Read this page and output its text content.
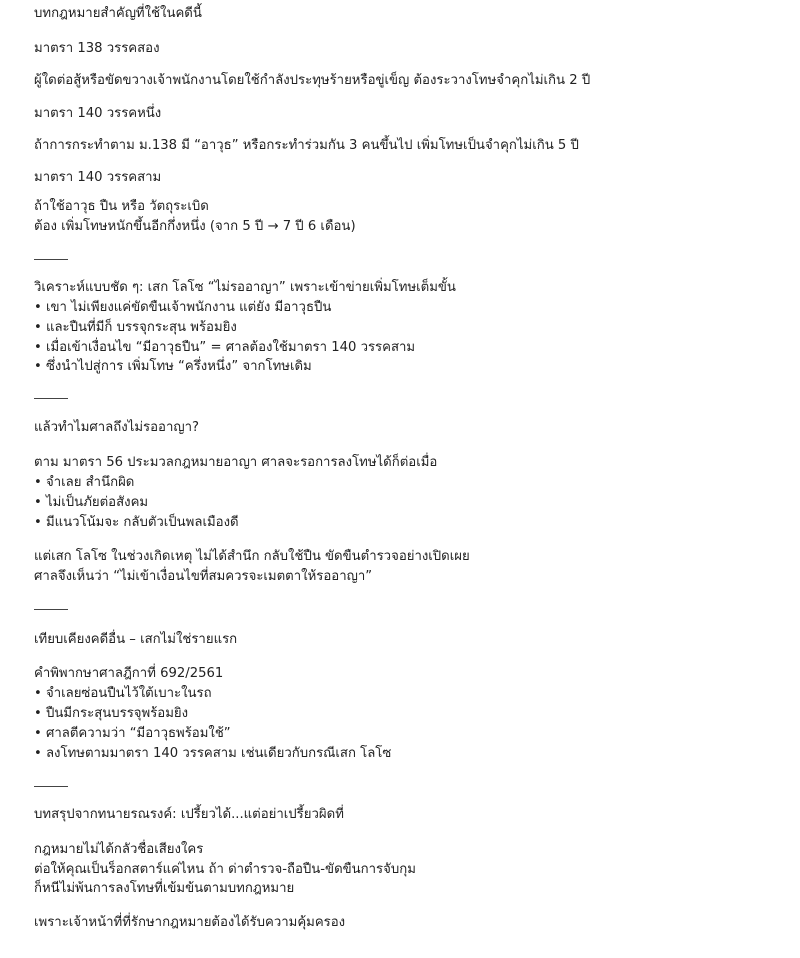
บทกฎหมายสำคัญที่ใช้ในคดีนี้
มาตรา 138 วรรคสอง
ผู้ใดต่อสู้หรือขัดขวางเจ้าพนักงานโดยใช้กำลังประทุษร้ายหรือขู่เข็ญ ต้องระวางโทษจำคุกไม่เกิน 2 ปี
มาตรา 140 วรรคหนึ่ง
ถ้าการกระทำตาม ม.138 มี “อาวุธ” หรือกระทำร่วมกัน 3 คนขึ้นไป เพิ่มโทษเป็นจำคุกไม่เกิน 5 ปี
มาตรา 140 วรรคสาม
ถ้าใช้อาวุธ ปืน หรือ วัตถุระเบิด
ต้อง เพิ่มโทษหนักขึ้นอีกกึ่งหนึ่ง (จาก 5 ปี → 7 ปี 6 เดือน)
วิเคราะห์แบบชัด ๆ: เสก โลโซ “ไม่รออาญา” เพราะเข้าข่ายเพิ่มโทษเต็มขั้น
• เขา ไม่เพียงแค่ขัดขืนเจ้าพนักงาน แต่ยัง มีอาวุธปืน
• และปืนที่มีก็ บรรจุกระสุน พร้อมยิง
• เมื่อเข้าเงื่อนไข “มีอาวุธปืน” = ศาลต้องใช้มาตรา 140 วรรคสาม
• ซึ่งนำไปสู่การ เพิ่มโทษ “ครึ่งหนึ่ง” จากโทษเดิม
แล้วทำไมศาลถึงไม่รออาญา?
ตาม มาตรา 56 ประมวลกฎหมายอาญา ศาลจะรอการลงโทษได้ก็ต่อเมื่อ
• จำเลย สำนึกผิด
• ไม่เป็นภัยต่อสังคม
• มีแนวโน้มจะ กลับตัวเป็นพลเมืองดี
แต่เสก โลโซ ในช่วงเกิดเหตุ ไม่ได้สำนึก กลับใช้ปืน ขัดขืนตำรวจอย่างเปิดเผย
ศาลจึงเห็นว่า “ไม่เข้าเงื่อนไขที่สมควรจะเมตตาให้รออาญา”
เทียบเคียงคดีอื่น – เสกไม่ใช่รายแรก
คำพิพากษาศาลฎีกาที่ 692/2561
• จำเลยซ่อนปืนไว้ใต้เบาะในรถ
• ปืนมีกระสุนบรรจุพร้อมยิง
• ศาลตีความว่า “มีอาวุธพร้อมใช้”
• ลงโทษตามมาตรา 140 วรรคสาม เช่นเดียวกับกรณีเสก โลโซ
บทสรุปจากทนายรณรงค์: เปรี้ยวได้...แต่อย่าเปรี้ยวผิดที่
กฎหมายไม่ได้กลัวชื่อเสียงใคร
ต่อให้คุณเป็นร็อกสตาร์แค่ไหน ถ้า ด่าตำรวจ-ถือปืน-ขัดขืนการจับกุม
ก็หนีไม่พ้นการลงโทษที่เข้มข้นตามบทกฎหมาย
เพราะเจ้าหน้าที่ที่รักษากฎหมายต้องได้รับความคุ้มครอง
